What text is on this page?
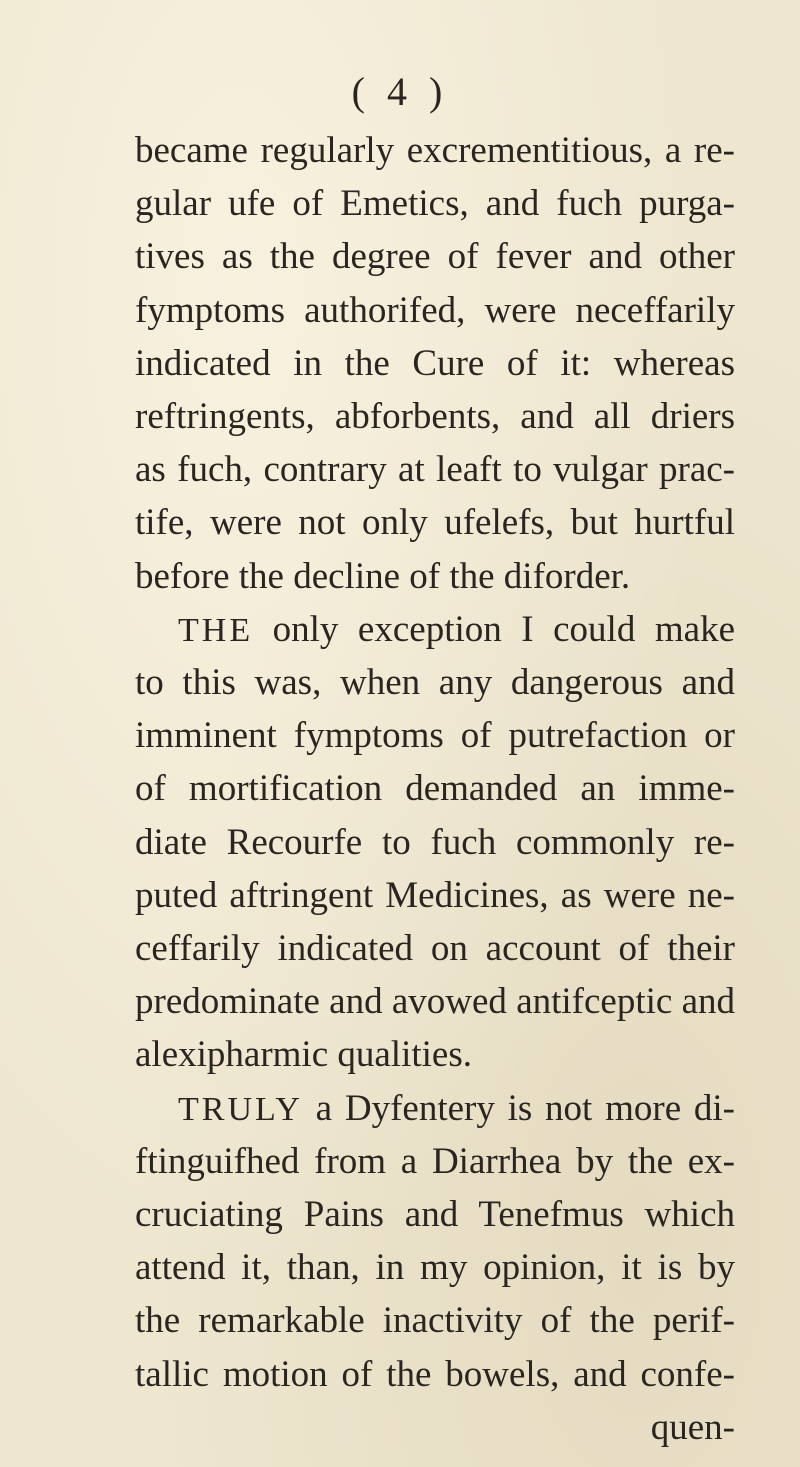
( 4 )
became regularly excrementitious, a re-
gular ufe of Emetics, and fuch purga-
tives as the degree of fever and other
fymptoms authorifed, were neceffarily
indicated in the Cure of it: whereas
reftringents, abforbents, and all driers
as fuch, contrary at leaft to vulgar prac-
tife, were not only ufelefs, but hurtful
before the decline of the diforder.
THE only exception I could make
to this was, when any dangerous and
imminent fymptoms of putrefaction or
of mortification demanded an imme-
diate Recourfe to fuch commonly re-
puted aftringent Medicines, as were ne-
ceffarily indicated on account of their
predominate and avowed antifceptic and
alexipharmic qualities.
TRULY a Dyfentery is not more di-
ftinguifhed from a Diarrhea by the ex-
cruciating Pains and Tenefmus which
attend it, than, in my opinion, it is by
the remarkable inactivity of the perif-
tallic motion of the bowels, and confe-
quen-
